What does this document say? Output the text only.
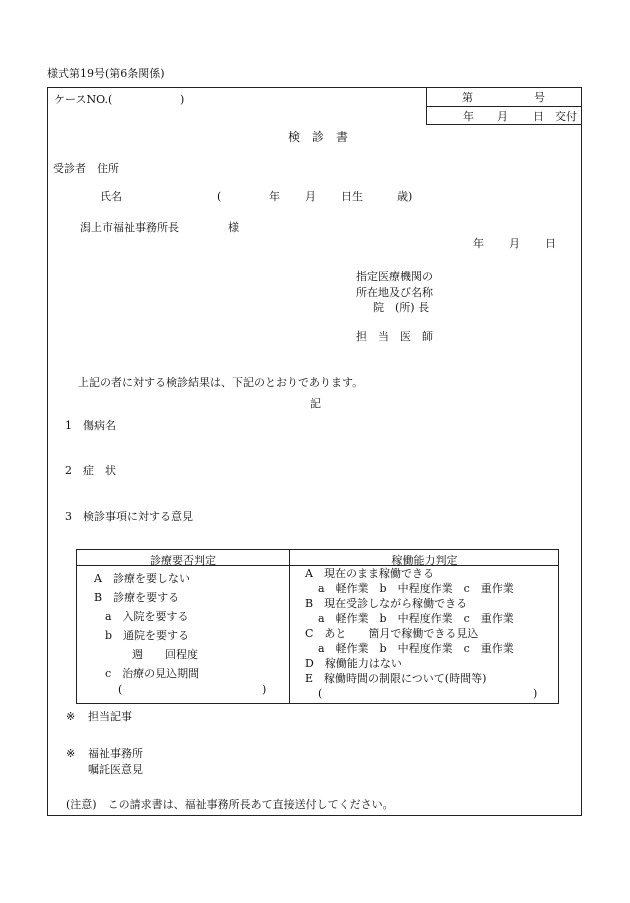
様式第19号(第6条関係)
ケースNO.(	)	第	号
年 月 日 交付
検診書
受診者　住所
氏名	(	年 月 日生	歳)
潟上市福祉事務所長	様
年 月 日
指定医療機関の
所在地及び名称
院　(所) 長
担　当　医　師
上記の者に対する検診結果は、下記のとおりであります。
記
1　傷病名
2　症　状
3　検診事項に対する意見
診療要否判定	稼働能力判定
A　診療を要しない
B　診療を要する
a　入院を要する
b　通院を要する
週　　回程度
c　治療の見込期間
(	)
A　現在のまま稼働できる
a　軽作業　b　中程度作業　c　重作業
B　現在受診しながら稼働できる
a　軽作業　b　中程度作業　c　重作業
C　あと　　箇月で稼働できる見込
a　軽作業　b　中程度作業　c　重作業
D　稼働能力はない
E　稼働時間の制限について(時間等)
(	)
※ 担当記事
※ 福祉事務所
嘱託医意見
(注意)　この請求書は、福祉事務所長あて直接送付してください。
